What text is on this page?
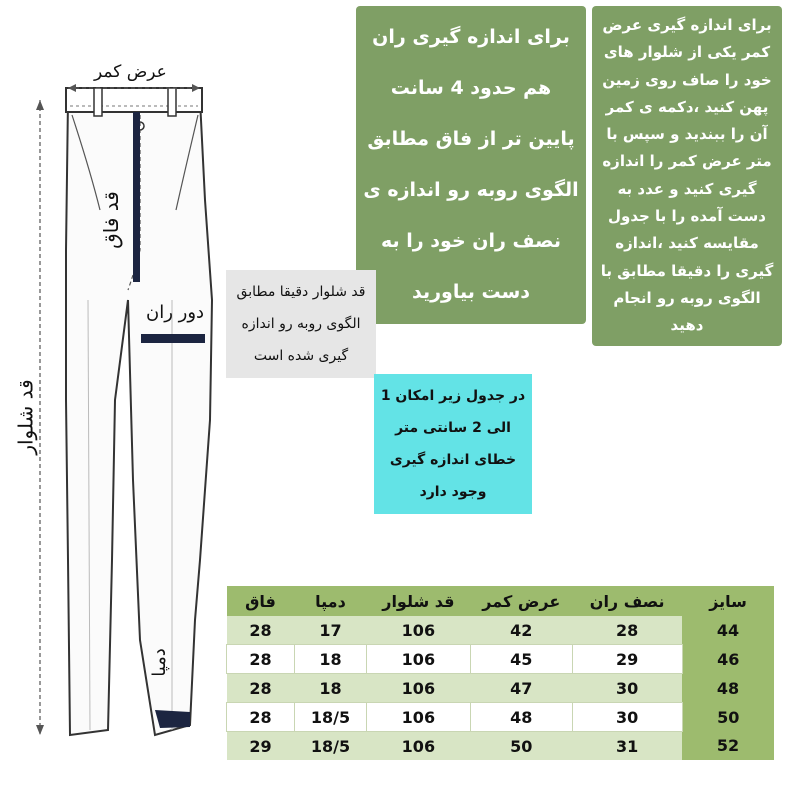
عرض کمر
قد فاق
دور ران
قد شلوار
دمپا
برای اندازه گیری عرض
کمر یکی از شلوار های
خود را صاف روی زمین
پهن کنید ،دکمه ی کمر
آن را ببندید و سپس با
متر عرض کمر را اندازه
گیری کنید و عدد به
دست آمده را با جدول
مقایسه کنید ،اندازه
گیری را دقیقا مطابق با
الگوی روبه رو انجام
دهید
برای اندازه گیری ران
هم حدود 4 سانت
پایین تر از فاق مطابق
الگوی روبه رو اندازه ی
نصف ران خود را به
دست بیاورید
قد شلوار دقیقا مطابق
الگوی روبه رو اندازه
گیری شده است
در جدول زیر امکان 1
الی 2 سانتی متر
خطای اندازه گیری
وجود دارد
سایز	نصف ران	عرض کمر	قد شلوار	دمپا	فاق
44	28	42	106	17	28
46	29	45	106	18	28
48	30	47	106	18	28
50	30	48	106	18/5	28
52	31	50	106	18/5	29
